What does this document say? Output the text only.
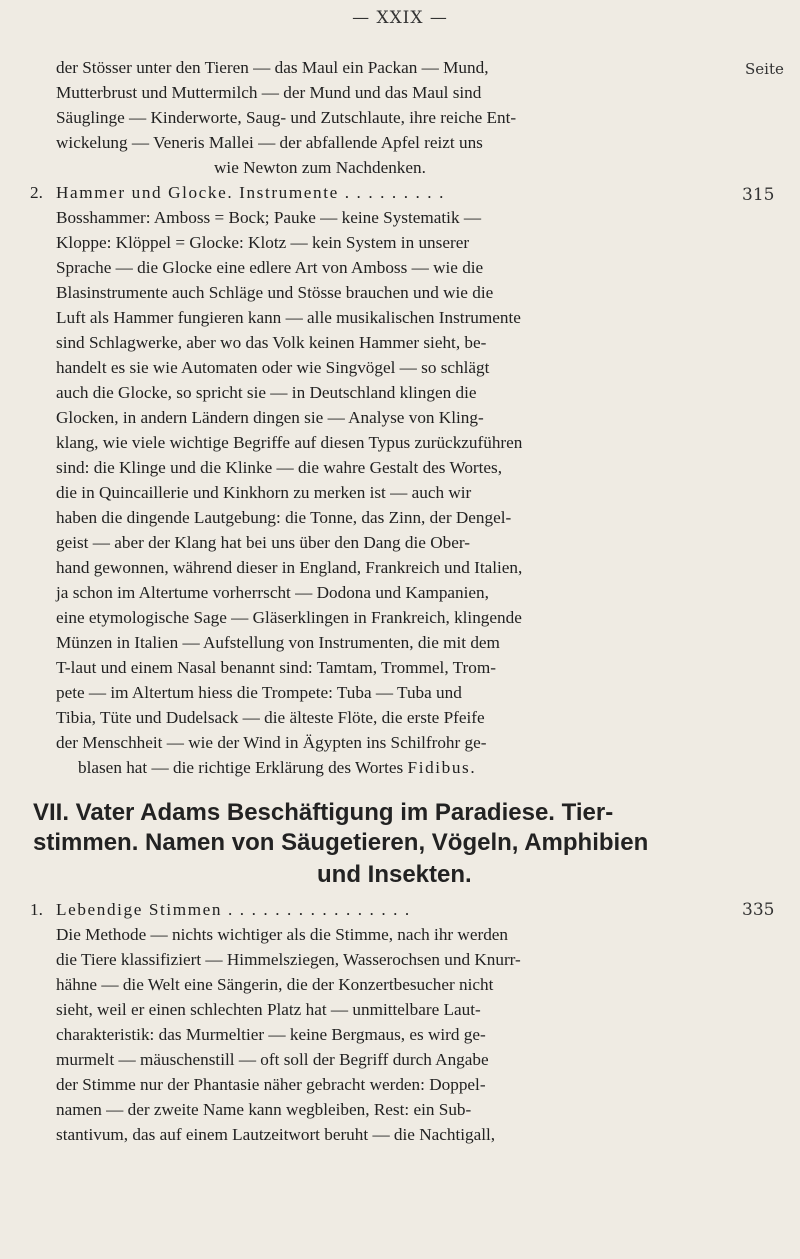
— XXIX —
Seite
der Stösser unter den Tieren — das Maul ein Packan — Mund,
Mutterbrust und Muttermilch — der Mund und das Maul sind
Säuglinge — Kinderworte, Saug- und Zutschlaute, ihre reiche Ent-
wickelung — Veneris Mallei — der abfallende Apfel reizt uns
wie Newton zum Nachdenken.
2. Hammer und Glocke. Instrumente . . . . . . . . .	315
Bosshammer: Amboss = Bock; Pauke — keine Systematik —
Kloppe: Klöppel = Glocke: Klotz — kein System in unserer
Sprache — die Glocke eine edlere Art von Amboss — wie die
Blasinstrumente auch Schläge und Stösse brauchen und wie die
Luft als Hammer fungieren kann — alle musikalischen Instrumente
sind Schlagwerke, aber wo das Volk keinen Hammer sieht, be-
handelt es sie wie Automaten oder wie Singvögel — so schlägt
auch die Glocke, so spricht sie — in Deutschland klingen die
Glocken, in andern Ländern dingen sie — Analyse von Kling-
klang, wie viele wichtige Begriffe auf diesen Typus zurückzuführen
sind: die Klinge und die Klinke — die wahre Gestalt des Wortes,
die in Quincaillerie und Kinkhorn zu merken ist — auch wir
haben die dingende Lautgebung: die Tonne, das Zinn, der Dengel-
geist — aber der Klang hat bei uns über den Dang die Ober-
hand gewonnen, während dieser in England, Frankreich und Italien,
ja schon im Altertume vorherrscht — Dodona und Kampanien,
eine etymologische Sage — Gläserklingen in Frankreich, klingende
Münzen in Italien — Aufstellung von Instrumenten, die mit dem
T-laut und einem Nasal benannt sind: Tamtam, Trommel, Trom-
pete — im Altertum hiess die Trompete: Tuba — Tuba und
Tibia, Tüte und Dudelsack — die älteste Flöte, die erste Pfeife
der Menschheit — wie der Wind in Ägypten ins Schilfrohr ge-
blasen hat — die richtige Erklärung des Wortes Fidibus.
VII. Vater Adams Beschäftigung im Paradiese. Tier-
stimmen. Namen von Säugetieren, Vögeln, Amphibien
und Insekten.
1. Lebendige Stimmen . . . . . . . . . . . . . . . .	335
Die Methode — nichts wichtiger als die Stimme, nach ihr werden
die Tiere klassifiziert — Himmelsziegen, Wasserochsen und Knurr-
hähne — die Welt eine Sängerin, die der Konzertbesucher nicht
sieht, weil er einen schlechten Platz hat — unmittelbare Laut-
charakteristik: das Murmeltier — keine Bergmaus, es wird ge-
murmelt — mäuschenstill — oft soll der Begriff durch Angabe
der Stimme nur der Phantasie näher gebracht werden: Doppel-
namen — der zweite Name kann wegbleiben, Rest: ein Sub-
stantivum, das auf einem Lautzeitwort beruht — die Nachtigall,
